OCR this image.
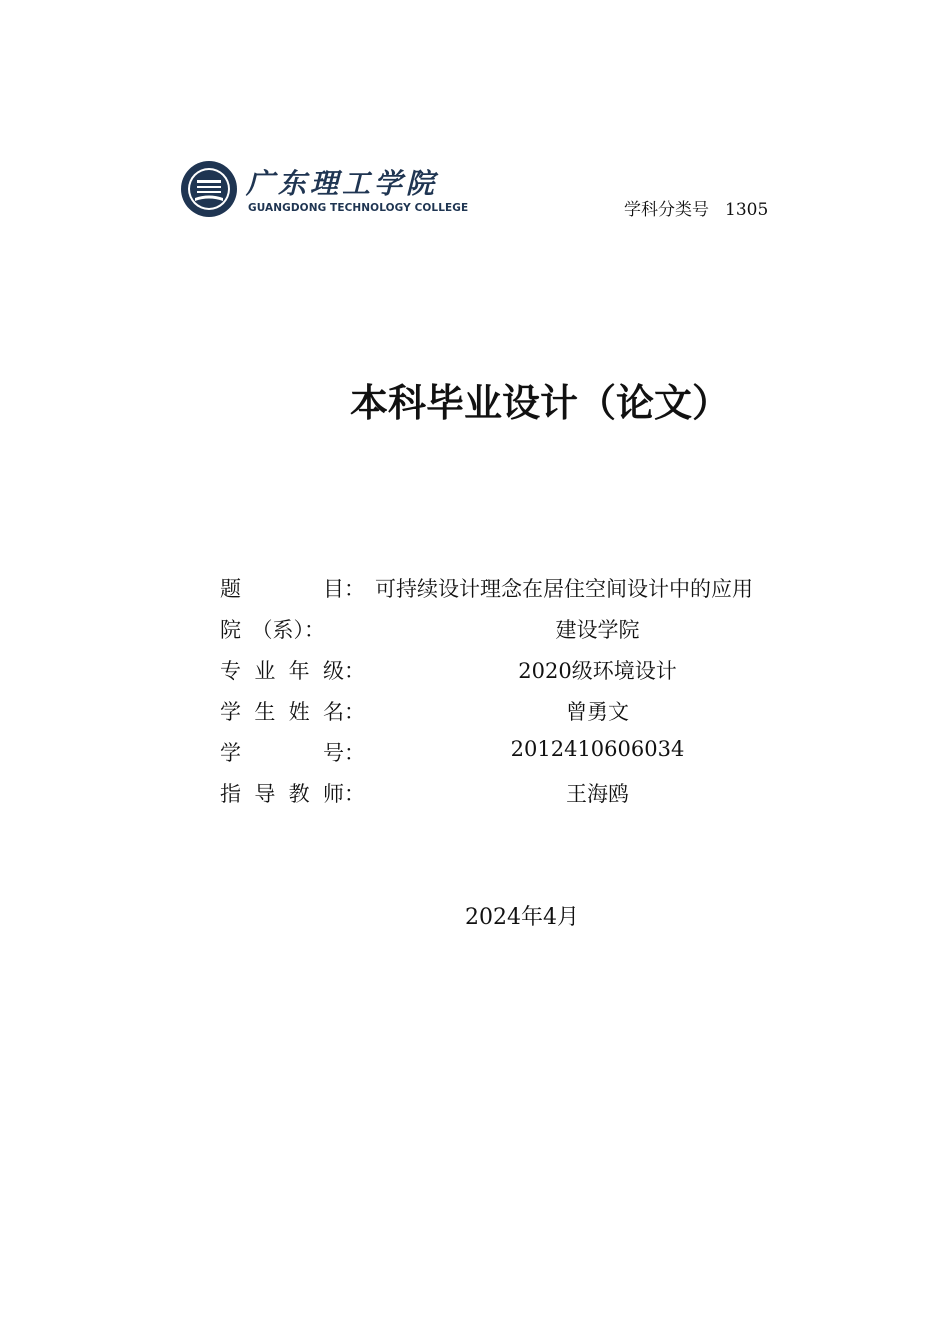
广东理工学院
GUANGDONG TECHNOLOGY COLLEGE	学科分类号 1305
本科毕业设计（论文）
题	目： 可持续设计理念在居住空间设计中的应用
院　（系）：	建设学院
专 业 年 级：	2020级环境设计
学 生 姓 名：	曾勇文
学	号：	2012410606034
指 导 教 师：	王海鸥
2024年4月
